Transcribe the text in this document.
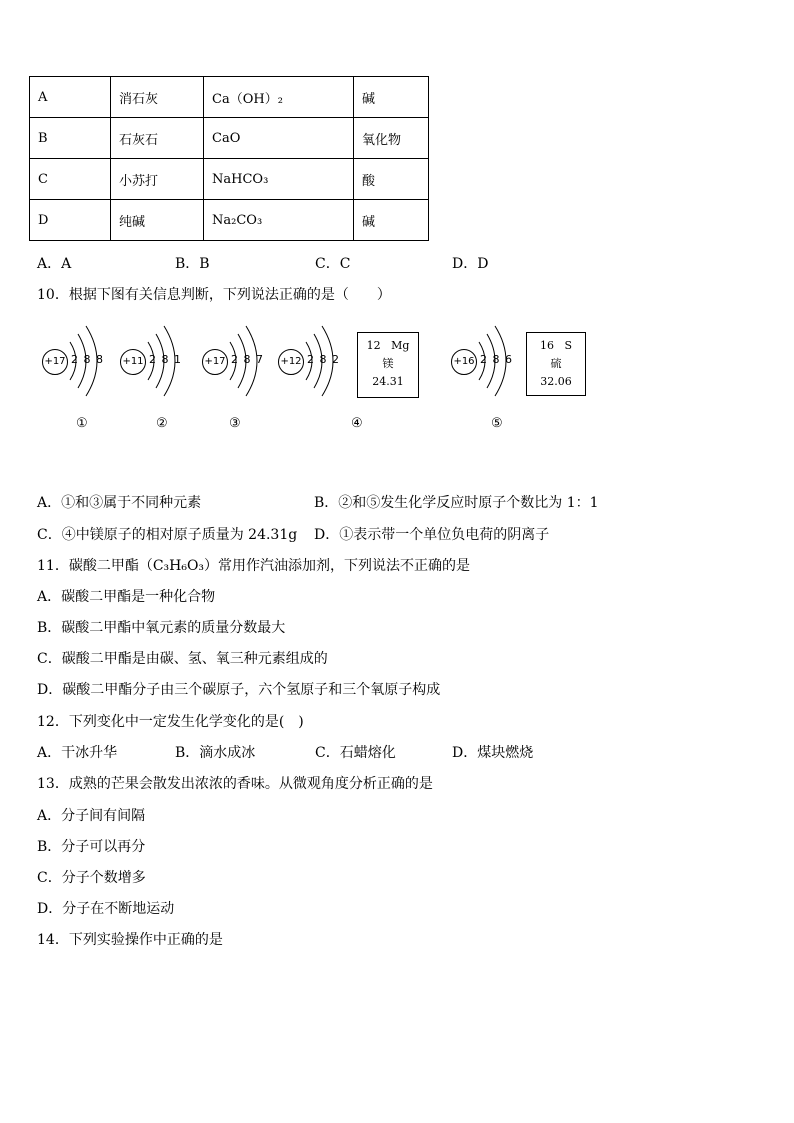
A	消石灰	Ca（OH）₂	碱
B	石灰石	CaO	氧化物
C	小苏打	NaHCO₃	酸
D	纯碱	Na₂CO₃	碱
A．A	B．B	C．C	D．D
10．根据下图有关信息判断，下列说法正确的是（　　）
+17 2 8 8 +11 2 8 1 +17 2 8 7 +12 2 8 2
12 Mg
镁
24.31
+16 2 8 6
16 S
硫
32.06
①	②	③	④	⑤
A．①和③属于不同种元素	B．②和⑤发生化学反应时原子个数比为 1：1
C．④中镁原子的相对原子质量为 24.31g D．①表示带一个单位负电荷的阴离子
11．碳酸二甲酯（C₃H₆O₃）常用作汽油添加剂，下列说法不正确的是
A．碳酸二甲酯是一种化合物
B．碳酸二甲酯中氧元素的质量分数最大
C．碳酸二甲酯是由碳、氢、氧三种元素组成的
D．碳酸二甲酯分子由三个碳原子，六个氢原子和三个氧原子构成
12．下列变化中一定发生化学变化的是(　)
A．干冰升华	B．滴水成冰	C．石蜡熔化	D．煤块燃烧
13．成熟的芒果会散发出浓浓的香味。从微观角度分析正确的是
A．分子间有间隔
B．分子可以再分
C．分子个数增多
D．分子在不断地运动
14．下列实验操作中正确的是
